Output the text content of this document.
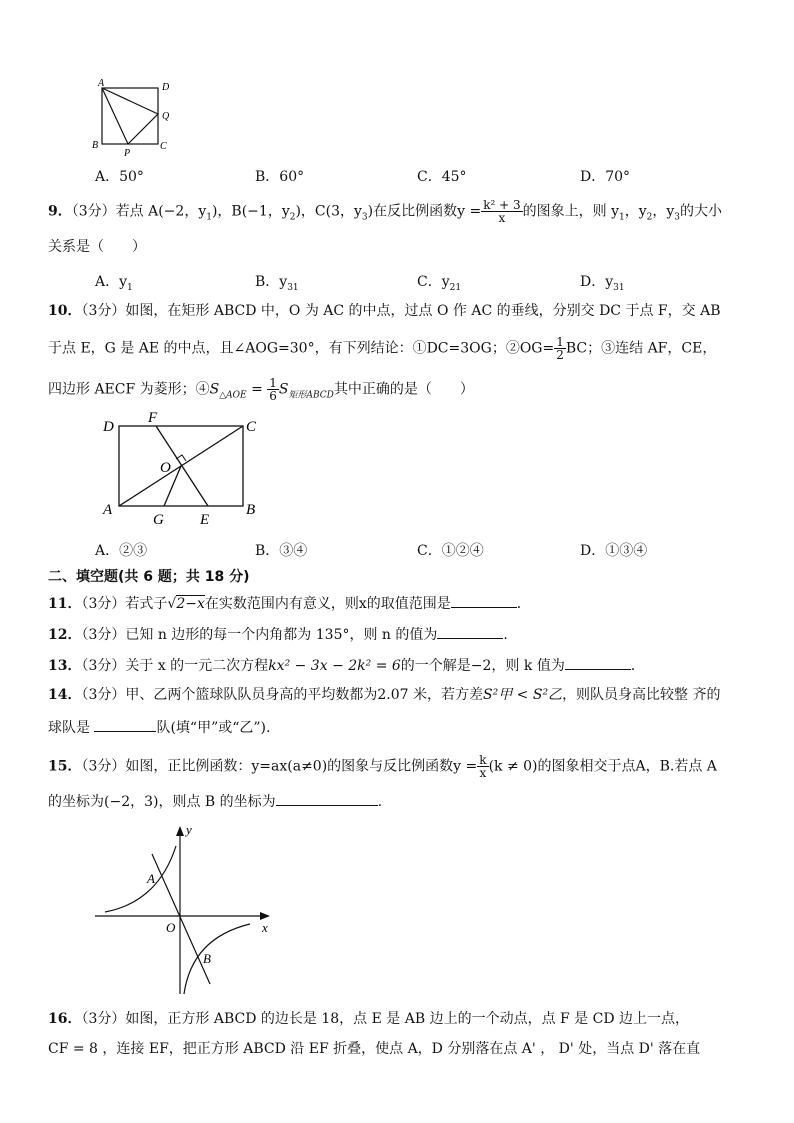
A	D
Q
B
P
C
A．50°	B．60°	C．45°	D．70°
9．（3分）若点 A(−2，$y_1$)，B(−1，$y_2$)，C(3，$y_3$)在反比例函数$y = \frac{\text{k² + 3}}{x}$ 的图象上，则 $y_1$，$y_2$，$y_3$的大小
关系是（　　）
A．$y_1$	B．$y_{31}$	C．$y_{21}$	D．$y_{31}$
10．（3分）如图，在矩形 ABCD 中，O 为 AC 的中点，过点 O 作 AC 的垂线，分别交 DC 于点 F，交 AB
于点 E，G 是 AE 的中点，且∠AOG=30°，有下列结论：①DC=3OG；②OG= $\frac{1}{2}$ BC；③连结 AF，CE，
四边形 AECF 为菱形；$④S_{\triangle AOE} = \frac{1}{6} S_{矩形ABCD}$其中正确的是（　　）
D
F
C
O
A
G E
B
A．②③	B．③④	C．①②④	D．①③④
二、填空题(共 6 题；共 18 分)
11．（3分）若式子√2−x在实数范围内有意义，则x的取值范围是	．
12．（3分）已知 n 边形的每一个内角都为 135°，则 n 的值为	.
13．（3分）关于 x 的一元二次方程kx² − 3x − 2k² = 6的一个解是−2，则 k 值为	．
14．（3分）甲、乙两个篮球队队员身高的平均数都为2.07 米，若方差S²甲 < S²乙，则队员身高比较整 齐的
球队是	队(填“甲”或“乙”).
15．（3分）如图，正比例函数：y=ax(a≠0)的图象与反比例函数$y = \frac{k}{x} (k \ne 0)$的图象相交于点A，B.若点 A
的坐标为(−2，3)，则点 B 的坐标为	.
y
A
O	x
B
16．（3分）如图，正方形 ABCD 的边长是 18，点 E 是 AB 边上的一个动点，点 F 是 CD 边上一点，
CF = 8 ，连接 EF，把正方形 ABCD 沿 EF 折叠，使点 A，D 分别落在点 A' ， D' 处，当点 D' 落在直
